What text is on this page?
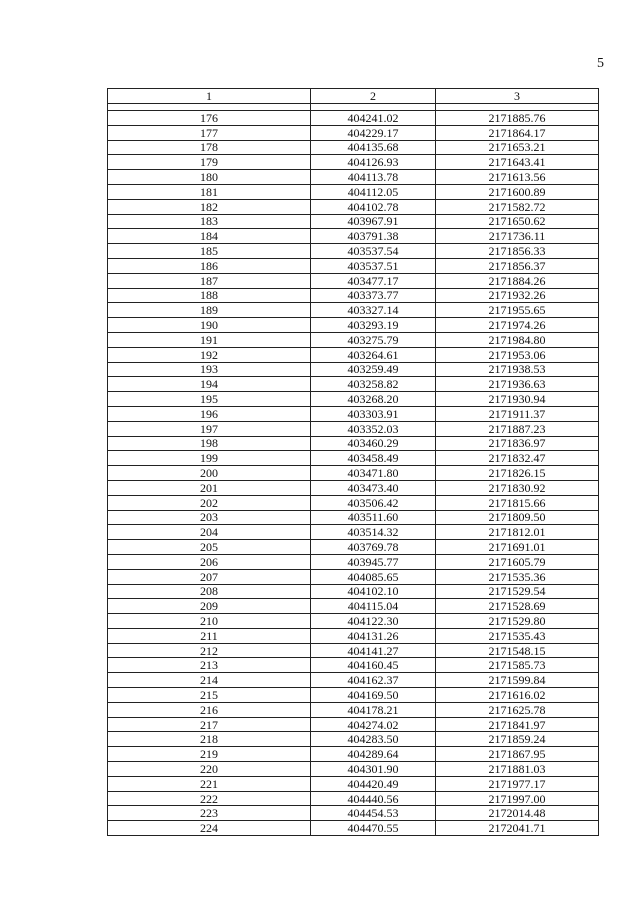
5
1	2	3

176	404241.02	2171885.76
177	404229.17	2171864.17
178	404135.68	2171653.21
179	404126.93	2171643.41
180	404113.78	2171613.56
181	404112.05	2171600.89
182	404102.78	2171582.72
183	403967.91	2171650.62
184	403791.38	2171736.11
185	403537.54	2171856.33
186	403537.51	2171856.37
187	403477.17	2171884.26
188	403373.77	2171932.26
189	403327.14	2171955.65
190	403293.19	2171974.26
191	403275.79	2171984.80
192	403264.61	2171953.06
193	403259.49	2171938.53
194	403258.82	2171936.63
195	403268.20	2171930.94
196	403303.91	2171911.37
197	403352.03	2171887.23
198	403460.29	2171836.97
199	403458.49	2171832.47
200	403471.80	2171826.15
201	403473.40	2171830.92
202	403506.42	2171815.66
203	403511.60	2171809.50
204	403514.32	2171812.01
205	403769.78	2171691.01
206	403945.77	2171605.79
207	404085.65	2171535.36
208	404102.10	2171529.54
209	404115.04	2171528.69
210	404122.30	2171529.80
211	404131.26	2171535.43
212	404141.27	2171548.15
213	404160.45	2171585.73
214	404162.37	2171599.84
215	404169.50	2171616.02
216	404178.21	2171625.78
217	404274.02	2171841.97
218	404283.50	2171859.24
219	404289.64	2171867.95
220	404301.90	2171881.03
221	404420.49	2171977.17
222	404440.56	2171997.00
223	404454.53	2172014.48
224	404470.55	2172041.71
